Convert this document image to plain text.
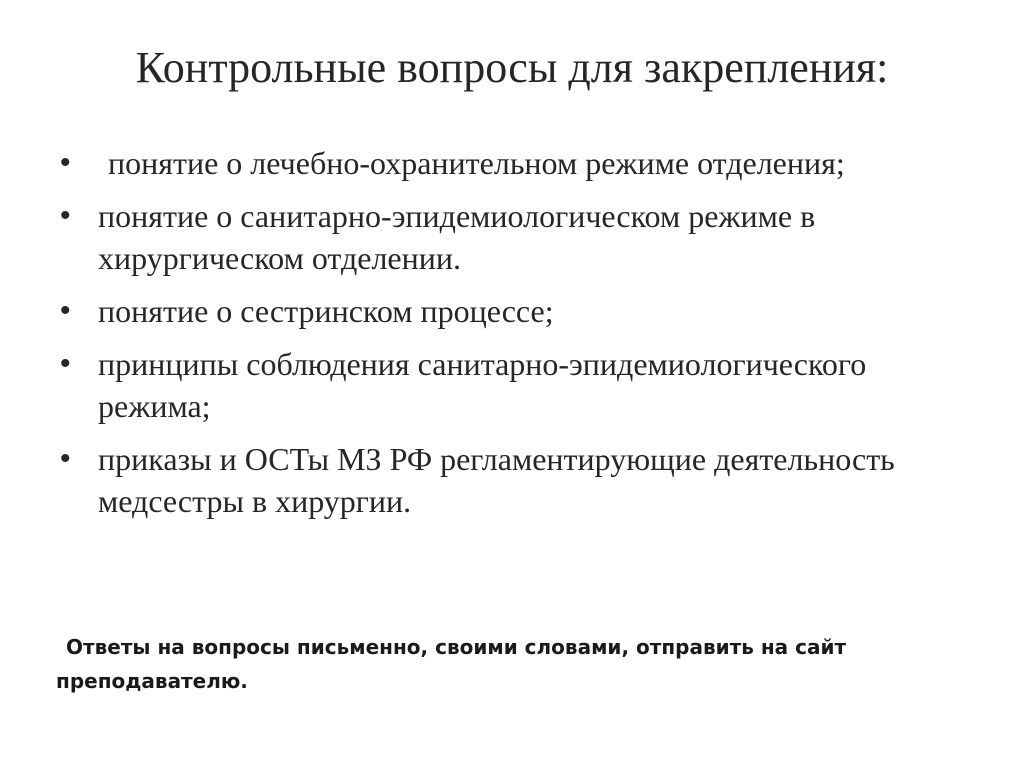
Контрольные вопросы для закрепления:
•	понятие о лечебно-охранительном режиме отделения;
• понятие о санитарно-эпидемиологическом режиме в хирургическом отделении.
• понятие о сестринском процессе;
• принципы соблюдения санитарно-эпидемиологического режима;
• приказы и ОСТы МЗ РФ регламентирующие деятельность медсестры в хирургии.

Ответы на вопросы письменно, своими словами, отправить на сайт
преподавателю.
